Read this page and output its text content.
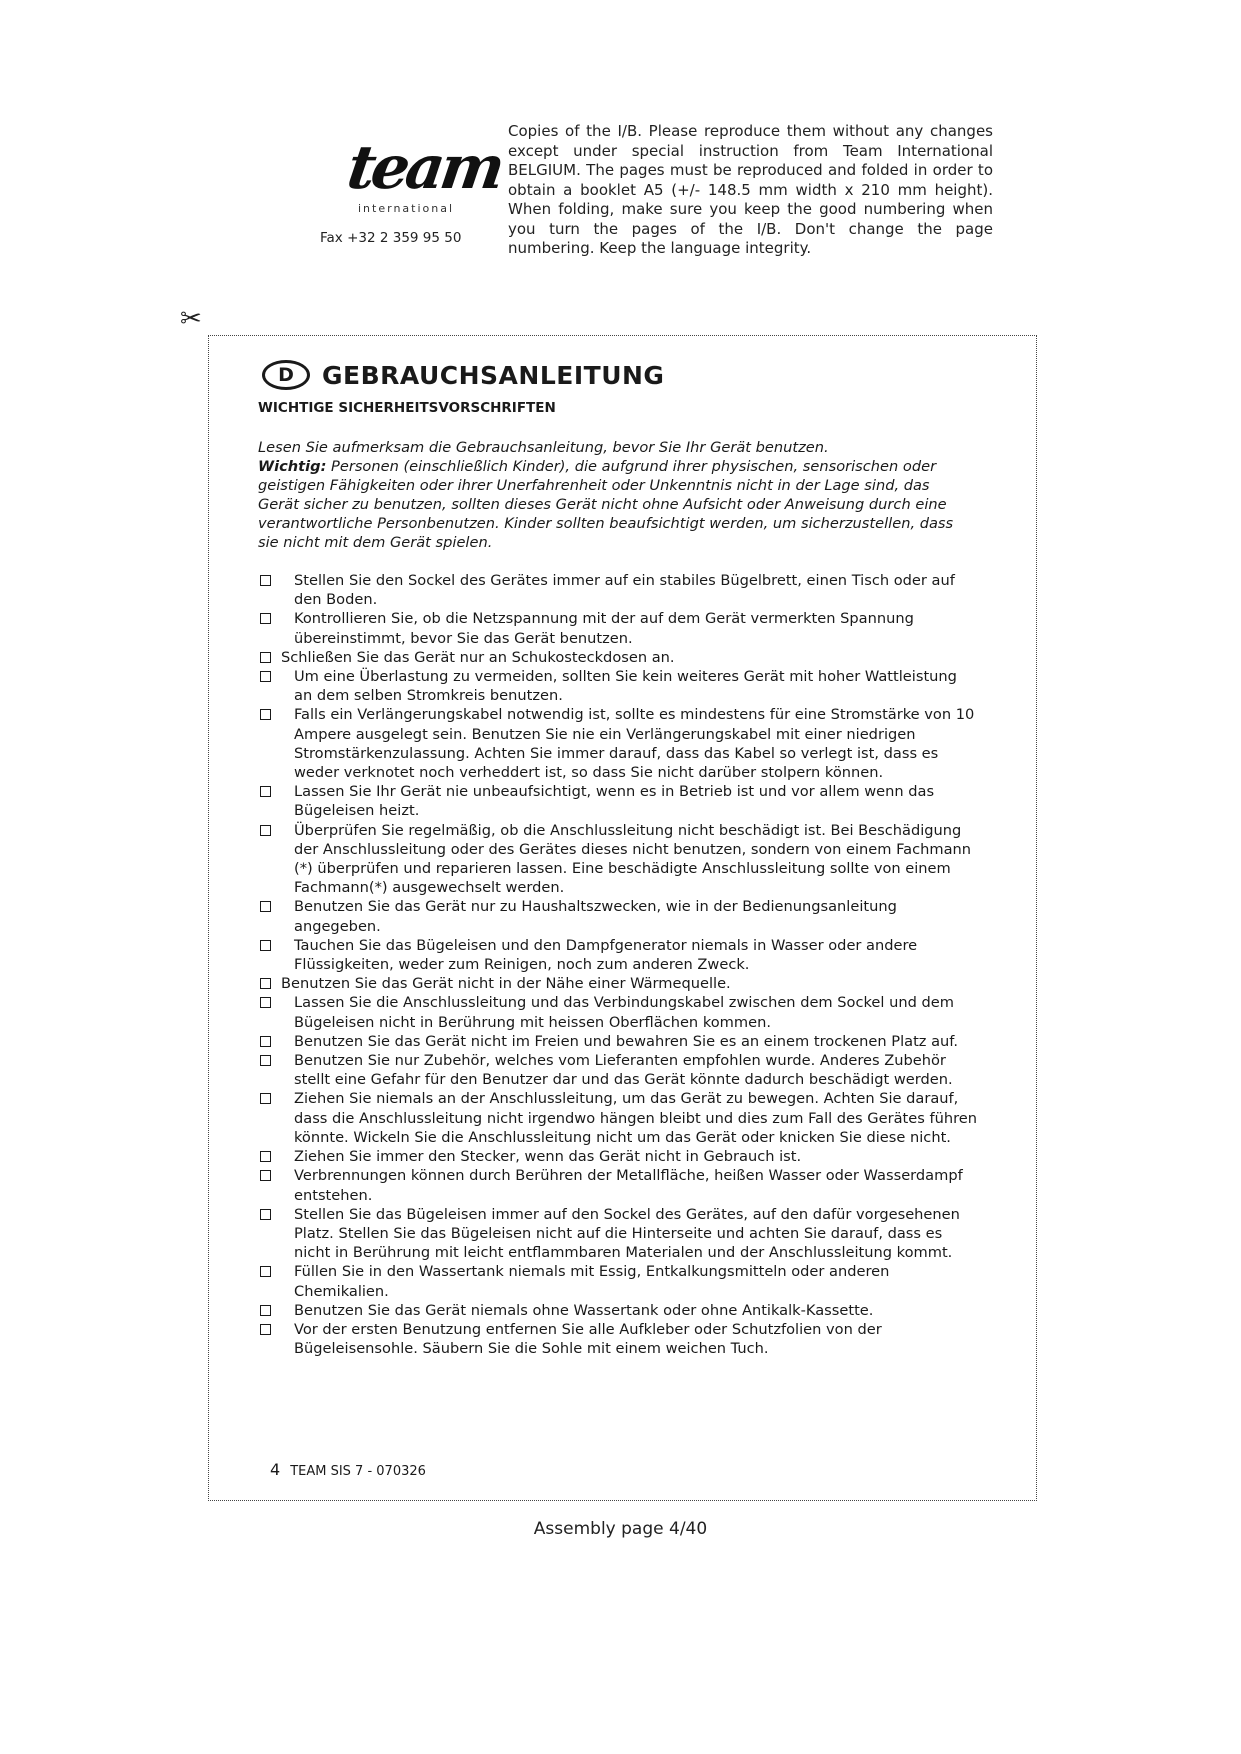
team
international
Fax +32 2 359 95 50
Copies of the I/B. Please reproduce them without any changes except under special instruction from Team International BELGIUM. The pages must be reproduced and folded in order to obtain a booklet A5 (+/- 148.5 mm width x 210 mm height). When folding, make sure you keep the good numbering when you turn the pages of the I/B. Don't change the page numbering. Keep the language integrity.
✂
D	GEBRAUCHSANLEITUNG
WICHTIGE SICHERHEITSVORSCHRIFTEN

Lesen Sie aufmerksam die Gebrauchsanleitung, bevor Sie Ihr Gerät benutzen.

Wichtig: Personen (einschließlich Kinder), die aufgrund ihrer physischen, sensorischen oder geistigen Fähigkeiten oder ihrer Unerfahrenheit oder Unkenntnis nicht in der Lage sind, das Gerät sicher zu benutzen, sollten dieses Gerät nicht ohne Aufsicht oder Anweisung durch eine verantwortliche Personbenutzen. Kinder sollten beaufsichtigt werden, um sicherzustellen, dass sie nicht mit dem Gerät spielen.

Stellen Sie den Sockel des Gerätes immer auf ein stabiles Bügelbrett, einen Tisch oder auf den Boden.
Kontrollieren Sie, ob die Netzspannung mit der auf dem Gerät vermerkten Spannung übereinstimmt, bevor Sie das Gerät benutzen.
Schließen Sie das Gerät nur an Schukosteckdosen an.
Um eine Überlastung zu vermeiden, sollten Sie kein weiteres Gerät mit hoher Wattleistung an dem selben Stromkreis benutzen.
Falls ein Verlängerungskabel notwendig ist, sollte es mindestens für eine Stromstärke von 10 Ampere ausgelegt sein. Benutzen Sie nie ein Verlängerungskabel mit einer niedrigen Stromstärkenzulassung. Achten Sie immer darauf, dass das Kabel so verlegt ist, dass es weder verknotet noch verheddert ist, so dass Sie nicht darüber stolpern können.
Lassen Sie Ihr Gerät nie unbeaufsichtigt, wenn es in Betrieb ist und vor allem wenn das Bügeleisen heizt.
Überprüfen Sie regelmäßig, ob die Anschlussleitung nicht beschädigt ist. Bei Beschädigung der Anschlussleitung oder des Gerätes dieses nicht benutzen, sondern von einem Fachmann (*) überprüfen und reparieren lassen. Eine beschädigte Anschlussleitung sollte von einem Fachmann(*) ausgewechselt werden.
Benutzen Sie das Gerät nur zu Haushaltszwecken, wie in der Bedienungsanleitung angegeben.
Tauchen Sie das Bügeleisen und den Dampfgenerator niemals in Wasser oder andere Flüssigkeiten, weder zum Reinigen, noch zum anderen Zweck.
Benutzen Sie das Gerät nicht in der Nähe einer Wärmequelle.
Lassen Sie die Anschlussleitung und das Verbindungskabel zwischen dem Sockel und dem Bügeleisen nicht in Berührung mit heissen Oberflächen kommen.
Benutzen Sie das Gerät nicht im Freien und bewahren Sie es an einem trockenen Platz auf.
Benutzen Sie nur Zubehör, welches vom Lieferanten empfohlen wurde. Anderes Zubehör stellt eine Gefahr für den Benutzer dar und das Gerät könnte dadurch beschädigt werden.
Ziehen Sie niemals an der Anschlussleitung, um das Gerät zu bewegen. Achten Sie darauf, dass die Anschlussleitung nicht irgendwo hängen bleibt und dies zum Fall des Gerätes führen könnte. Wickeln Sie die Anschlussleitung nicht um das Gerät oder knicken Sie diese nicht.
Ziehen Sie immer den Stecker, wenn das Gerät nicht in Gebrauch ist.
Verbrennungen können durch Berühren der Metallfläche, heißen Wasser oder Wasserdampf entstehen.
Stellen Sie das Bügeleisen immer auf den Sockel des Gerätes, auf den dafür vorgesehenen Platz. Stellen Sie das Bügeleisen nicht auf die Hinterseite und achten Sie darauf, dass es nicht in Berührung mit leicht entflammbaren Materialen und der Anschlussleitung kommt.
Füllen Sie in den Wassertank niemals mit Essig, Entkalkungsmitteln oder anderen Chemikalien.
Benutzen Sie das Gerät niemals ohne Wassertank oder ohne Antikalk-Kassette.
Vor der ersten Benutzung entfernen Sie alle Aufkleber oder Schutzfolien von der Bügeleisensohle. Säubern Sie die Sohle mit einem weichen Tuch.
4 TEAM SIS 7 - 070326
Assembly page 4/40
